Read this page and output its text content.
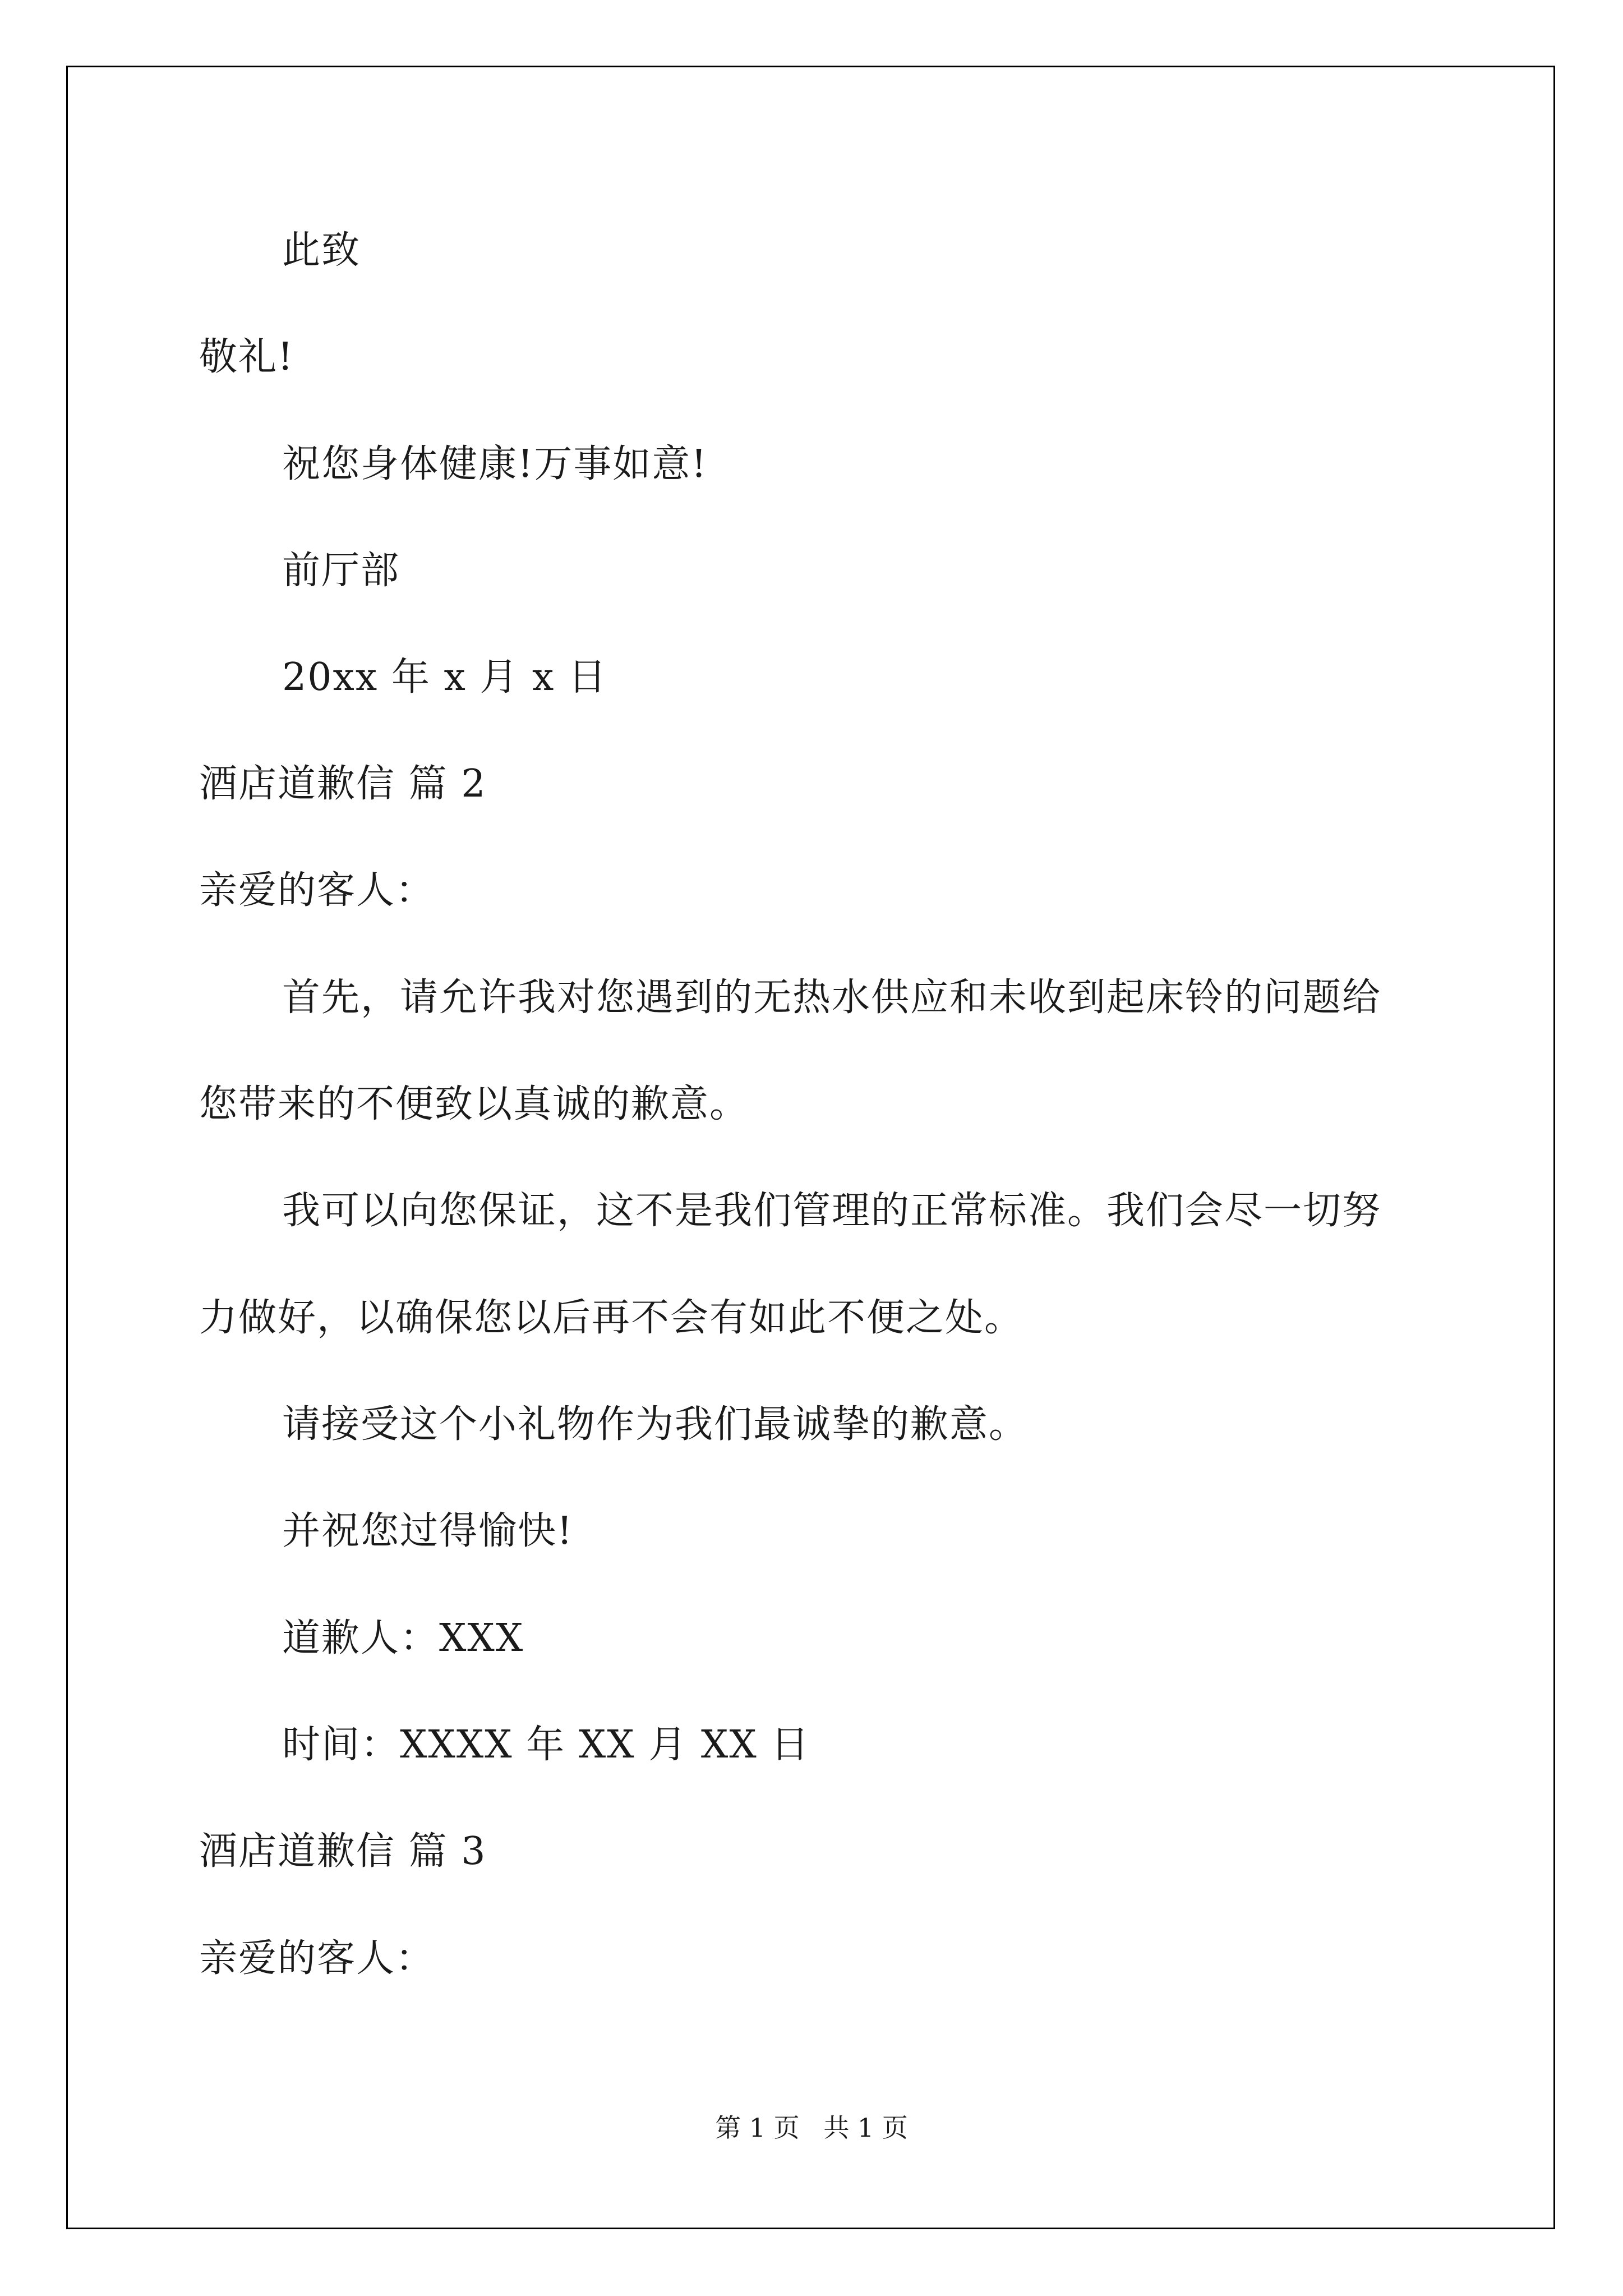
此致
敬礼!
祝您身体健康!万事如意!
前厅部
20xx 年 x 月 x 日
酒店道歉信 篇 2
亲爱的客人：
首先，请允许我对您遇到的无热水供应和未收到起床铃的问题给
您带来的不便致以真诚的歉意。
我可以向您保证，这不是我们管理的正常标准。我们会尽一切努
力做好，以确保您以后再不会有如此不便之处。
请接受这个小礼物作为我们最诚挚的歉意。
并祝您过得愉快!
道歉人：XXX
时间：XXXX 年 XX 月 XX 日
酒店道歉信 篇 3
亲爱的客人：
第 1 页 共 1 页
